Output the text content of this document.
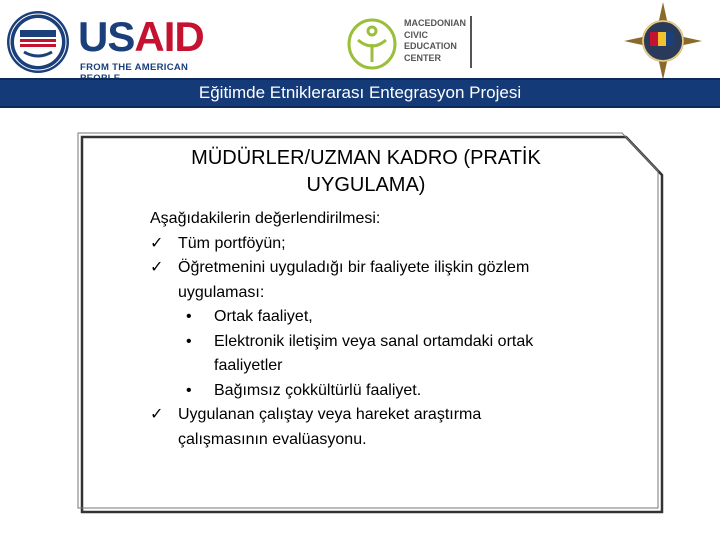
USAID
FROM THE AMERICAN
MACEDONIAN
CIVIC
EDUCATION
CENTER
Eğitimde Etniklerarası Entegrasyon Projesi
MÜDÜRLER/UZMAN KADRO (PRATİK
UYGULAMA)
Aşağıdakilerin değerlendirilmesi:
✓ Tüm portföyün;
✓ Öğretmenini uyguladığı bir faaliyete ilişkin gözlem
uygulaması:
•	Ortak faaliyet,
•	Elektronik iletişim veya sanal ortamdaki ortak
faaliyetler
•	Bağımsız çokkültürlü faaliyet.
✓ Uygulanan çalıştay veya hareket araştırma
çalışmasının evalüasyonu.
